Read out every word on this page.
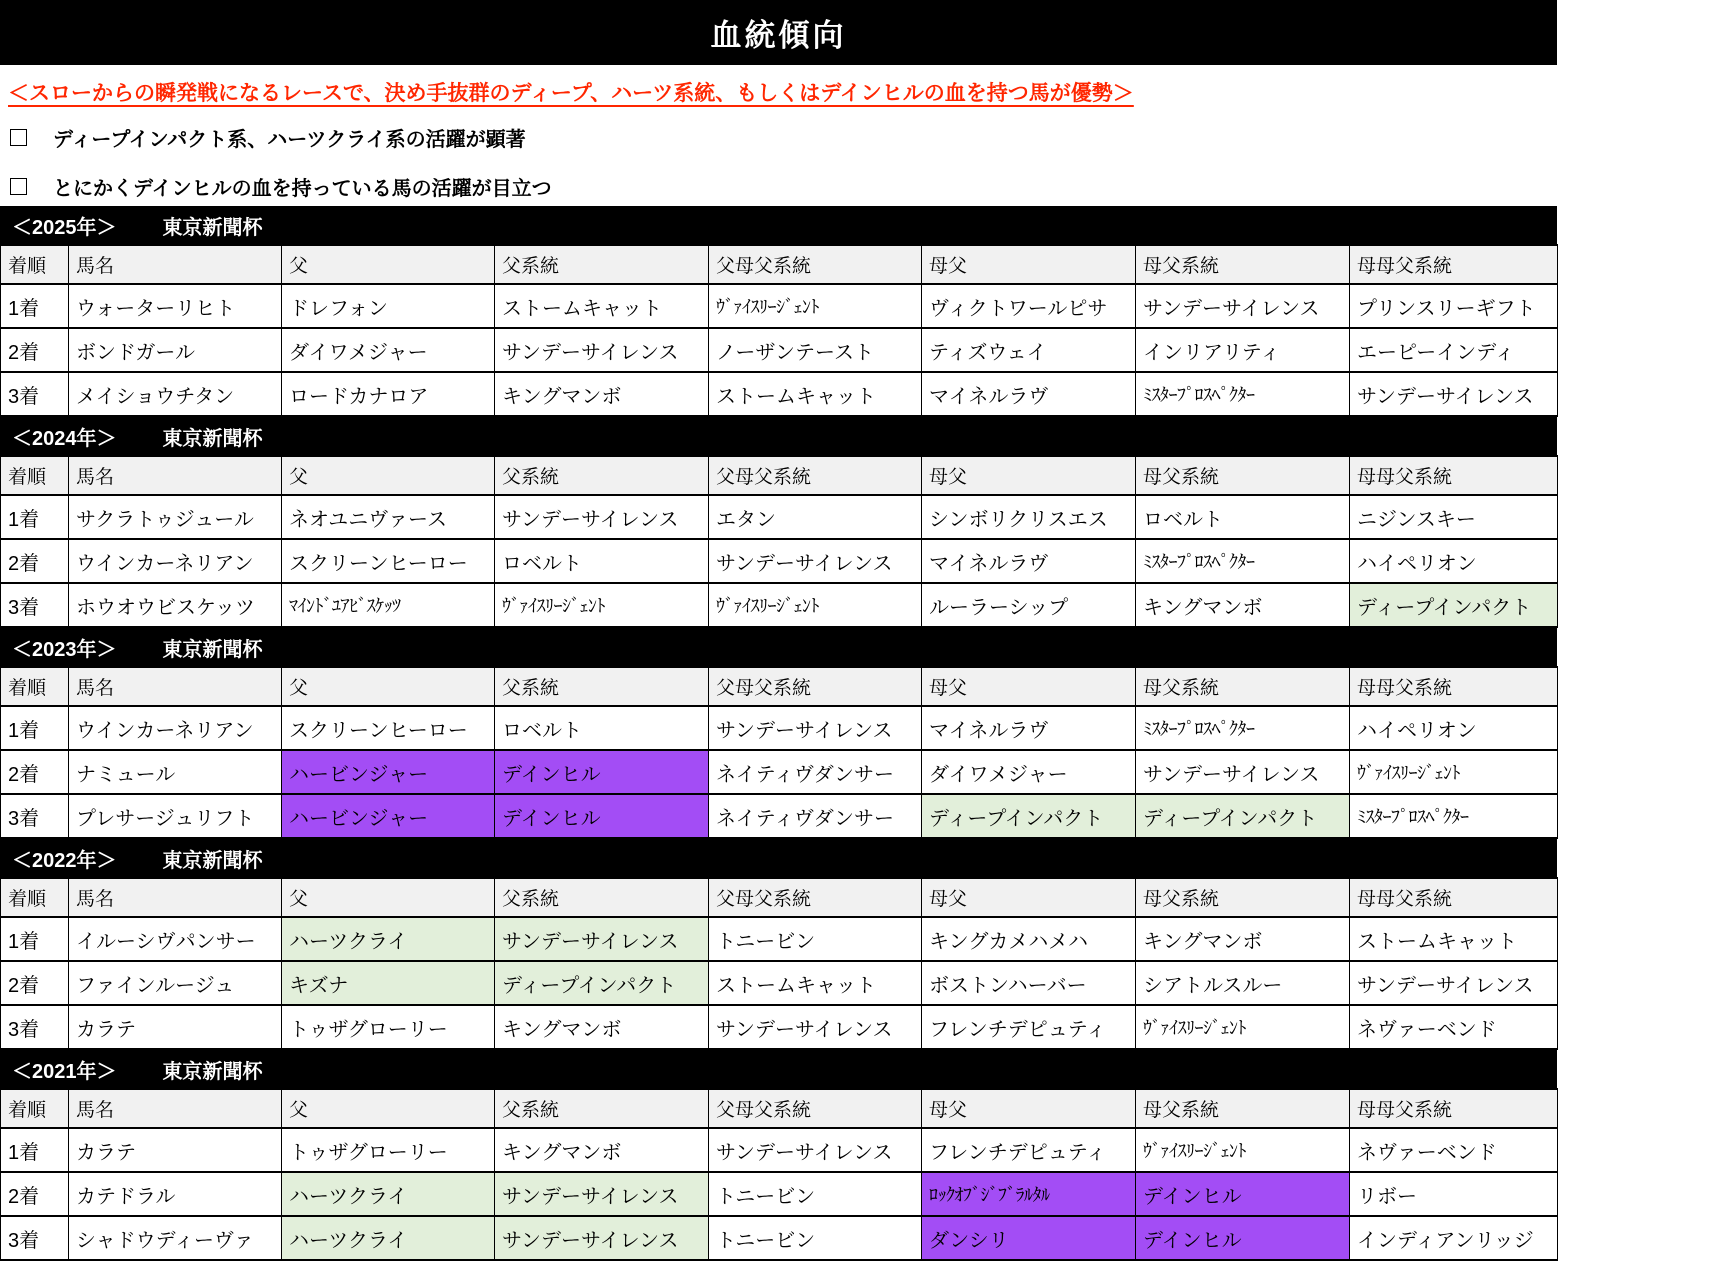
血統傾向
＜スローからの瞬発戦になるレースで、決め手抜群のディープ、ハーツ系統、もしくはデインヒルの血を持つ馬が優勢＞
ディープインパクト系、ハーツクライ系の活躍が顕著
とにかくデインヒルの血を持っている馬の活躍が目立つ
＜2025年＞ 東京新聞杯
着順	馬名	父	父系統	父母父系統	母父	母父系統	母母父系統
1着	ウォーターリヒト	ドレフォン	ストームキャット	ｳﾞｧｲｽﾘｰｼﾞｪﾝﾄ	ヴィクトワールピサ	サンデーサイレンス	プリンスリーギフト
2着	ボンドガール	ダイワメジャー	サンデーサイレンス	ノーザンテースト	ティズウェイ	インリアリティ	エーピーインディ
3着	メイショウチタン	ロードカナロア	キングマンボ	ストームキャット	マイネルラヴ	ﾐｽﾀｰﾌﾟﾛｽﾍﾟｸﾀｰ	サンデーサイレンス
＜2024年＞ 東京新聞杯
着順	馬名	父	父系統	父母父系統	母父	母父系統	母母父系統
1着	サクラトゥジュール	ネオユニヴァース	サンデーサイレンス	エタン	シンボリクリスエス	ロベルト	ニジンスキー
2着	ウインカーネリアン	スクリーンヒーロー	ロベルト	サンデーサイレンス	マイネルラヴ	ﾐｽﾀｰﾌﾟﾛｽﾍﾟｸﾀｰ	ハイペリオン
3着	ホウオウビスケッツ	ﾏｲﾝﾄﾞﾕｱﾋﾞｽｹｯﾂ	ｳﾞｧｲｽﾘｰｼﾞｪﾝﾄ	ｳﾞｧｲｽﾘｰｼﾞｪﾝﾄ	ルーラーシップ	キングマンボ	ディープインパクト
＜2023年＞ 東京新聞杯
着順	馬名	父	父系統	父母父系統	母父	母父系統	母母父系統
1着	ウインカーネリアン	スクリーンヒーロー	ロベルト	サンデーサイレンス	マイネルラヴ	ﾐｽﾀｰﾌﾟﾛｽﾍﾟｸﾀｰ	ハイペリオン
2着	ナミュール	ハービンジャー	デインヒル	ネイティヴダンサー	ダイワメジャー	サンデーサイレンス	ｳﾞｧｲｽﾘｰｼﾞｪﾝﾄ
3着	プレサージュリフト	ハービンジャー	デインヒル	ネイティヴダンサー	ディープインパクト	ディープインパクト	ﾐｽﾀｰﾌﾟﾛｽﾍﾟｸﾀｰ
＜2022年＞ 東京新聞杯
着順	馬名	父	父系統	父母父系統	母父	母父系統	母母父系統
1着	イルーシヴパンサー	ハーツクライ	サンデーサイレンス	トニービン	キングカメハメハ	キングマンボ	ストームキャット
2着	ファインルージュ	キズナ	ディープインパクト	ストームキャット	ボストンハーバー	シアトルスルー	サンデーサイレンス
3着	カラテ	トゥザグローリー	キングマンボ	サンデーサイレンス	フレンチデピュティ	ｳﾞｧｲｽﾘｰｼﾞｪﾝﾄ	ネヴァーベンド
＜2021年＞ 東京新聞杯
着順	馬名	父	父系統	父母父系統	母父	母父系統	母母父系統
1着	カラテ	トゥザグローリー	キングマンボ	サンデーサイレンス	フレンチデピュティ	ｳﾞｧｲｽﾘｰｼﾞｪﾝﾄ	ネヴァーベンド
2着	カテドラル	ハーツクライ	サンデーサイレンス	トニービン	ﾛｯｸｵﾌﾞｼﾞﾌﾞﾗﾙﾀﾙ	デインヒル	リボー
3着	シャドウディーヴァ	ハーツクライ	サンデーサイレンス	トニービン	ダンシリ	デインヒル	インディアンリッジ
